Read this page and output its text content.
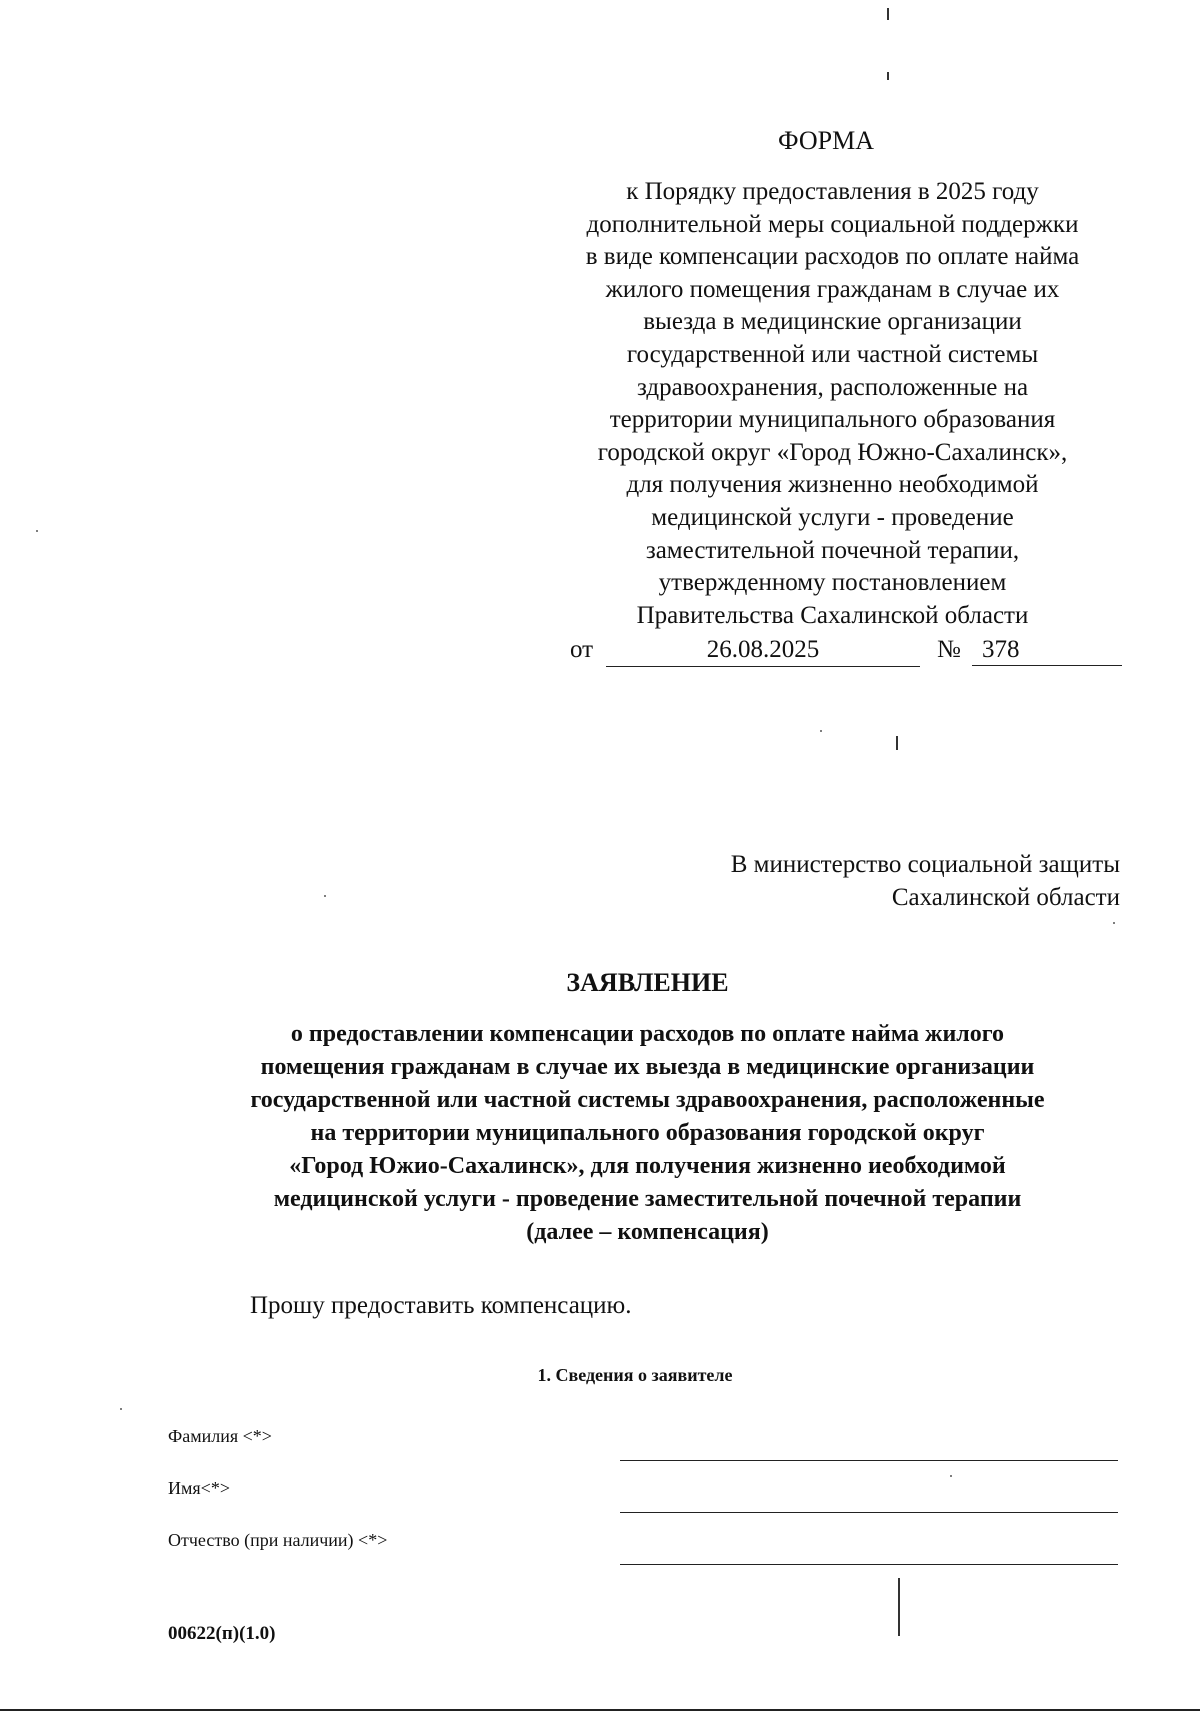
ФОРМА

к Порядку предоставления в 2025 году
дополнительной меры социальной поддержки
в виде компенсации расходов по оплате найма
жилого помещения гражданам в случае их
выезда в медицинские организации
государственной или частной системы
здравоохранения, расположенные на
территории муниципального образования
городской округ «Город Южно-Сахалинск»,
для получения жизненно необходимой
медицинской услуги - проведение
заместительной почечной терапии,
утвержденному постановлением
Правительства Сахалинской области
от	26.08.2025	№ 378
В министерство социальной защиты
Сахалинской области

ЗАЯВЛЕНИЕ

о предоставлении компенсации расходов по оплате найма жилого
помещения гражданам в случае их выезда в медицинские организации
государственной или частной системы здравоохранения, расположенные
на территории муниципального образования городской округ
«Город Южио-Сахалинск», для получения жизненно иеобходимой
медицинской услуги - проведение заместительной почечной терапии
(далее – компенсация)

Прошу предоставить компенсацию.

1. Сведения о заявителе

Фамилия <*>
Имя<*>
Отчество (при наличии) <*>

00622(п)(1.0)
